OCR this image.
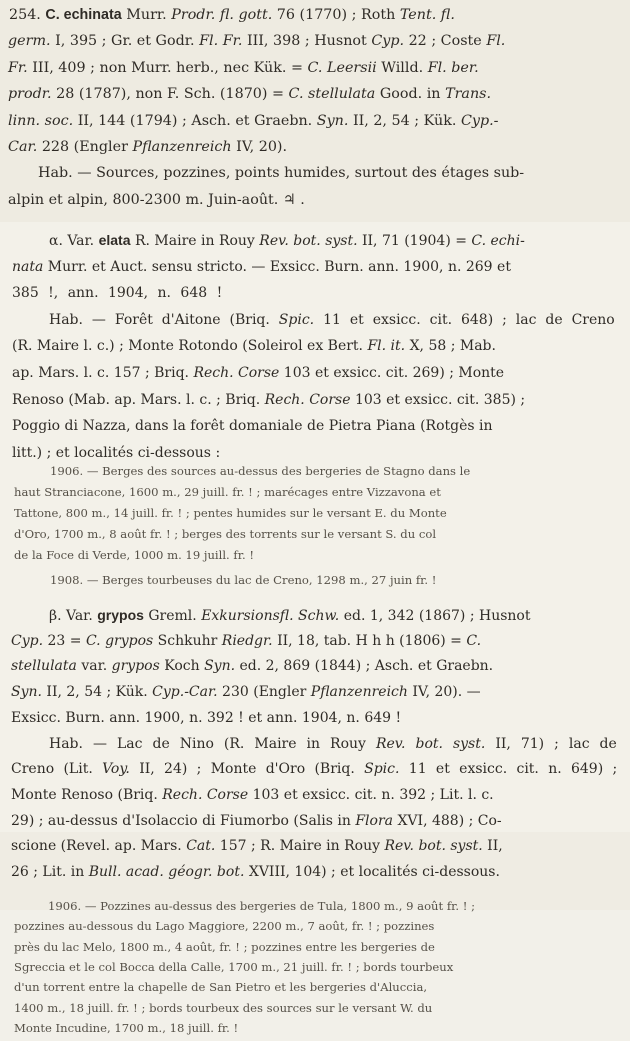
254. C. echinata Murr. Prodr. fl. gott. 76 (1770) ; Roth Tent. fl.
germ. I, 395 ; Gr. et Godr. Fl. Fr. III, 398 ; Husnot Cyp. 22 ; Coste Fl.
Fr. III, 409 ; non Murr. herb., nec Kük. = C. Leersii Willd. Fl. ber.
prodr. 28 (1787), non F. Sch. (1870) = C. stellulata Good. in Trans.
linn. soc. II, 144 (1794) ; Asch. et Graebn. Syn. II, 2, 54 ; Kük. Cyp.-
Car. 228 (Engler Pflanzenreich IV, 20).
Hab. — Sources, pozzines, points humides, surtout des étages sub-
alpin et alpin, 800-2300 m. Juin-août. ♃ .
α. Var. elata R. Maire in Rouy Rev. bot. syst. II, 71 (1904) = C. echi-
nata Murr. et Auct. sensu stricto. — Exsicc. Burn. ann. 1900, n. 269 et
385 !, ann. 1904, n. 648 !
Hab. — Forêt d'Aitone (Briq. Spic. 11 et exsicc. cit. 648) ; lac de Creno
(R. Maire l. c.) ; Monte Rotondo (Soleirol ex Bert. Fl. it. X, 58 ; Mab.
ap. Mars. l. c. 157 ; Briq. Rech. Corse 103 et exsicc. cit. 269) ; Monte
Renoso (Mab. ap. Mars. l. c. ; Briq. Rech. Corse 103 et exsicc. cit. 385) ;
Poggio di Nazza, dans la forêt domaniale de Pietra Piana (Rotgès in
litt.) ; et localités ci-dessous :
1906. — Berges des sources au-dessus des bergeries de Stagno dans le
haut Stranciacone, 1600 m., 29 juill. fr. ! ; marécages entre Vizzavona et
Tattone, 800 m., 14 juill. fr. ! ; pentes humides sur le versant E. du Monte
d'Oro, 1700 m., 8 août fr. ! ; berges des torrents sur le versant S. du col
de la Foce di Verde, 1000 m. 19 juill. fr. !
1908. — Berges tourbeuses du lac de Creno, 1298 m., 27 juin fr. !
β. Var. grypos Greml. Exkursionsfl. Schw. ed. 1, 342 (1867) ; Husnot
Cyp. 23 = C. grypos Schkuhr Riedgr. II, 18, tab. H h h (1806) = C.
stellulata var. grypos Koch Syn. ed. 2, 869 (1844) ; Asch. et Graebn.
Syn. II, 2, 54 ; Kük. Cyp.-Car. 230 (Engler Pflanzenreich IV, 20). —
Exsicc. Burn. ann. 1900, n. 392 ! et ann. 1904, n. 649 !
Hab. — Lac de Nino (R. Maire in Rouy Rev. bot. syst. II, 71) ; lac de
Creno (Lit. Voy. II, 24) ; Monte d'Oro (Briq. Spic. 11 et exsicc. cit. n. 649) ;
Monte Renoso (Briq. Rech. Corse 103 et exsicc. cit. n. 392 ; Lit. l. c.
29) ; au-dessus d'Isolaccio di Fiumorbo (Salis in Flora XVI, 488) ; Co-
scione (Revel. ap. Mars. Cat. 157 ; R. Maire in Rouy Rev. bot. syst. II,
26 ; Lit. in Bull. acad. géogr. bot. XVIII, 104) ; et localités ci-dessous.
1906. — Pozzines au-dessus des bergeries de Tula, 1800 m., 9 août fr. ! ;
pozzines au-dessous du Lago Maggiore, 2200 m., 7 août, fr. ! ; pozzines
près du lac Melo, 1800 m., 4 août, fr. ! ; pozzines entre les bergeries de
Sgreccia et le col Bocca della Calle, 1700 m., 21 juill. fr. ! ; bords tourbeux
d'un torrent entre la chapelle de San Pietro et les bergeries d'Aluccia,
1400 m., 18 juill. fr. ! ; bords tourbeux des sources sur le versant W. du
Monte Incudine, 1700 m., 18 juill. fr. !
